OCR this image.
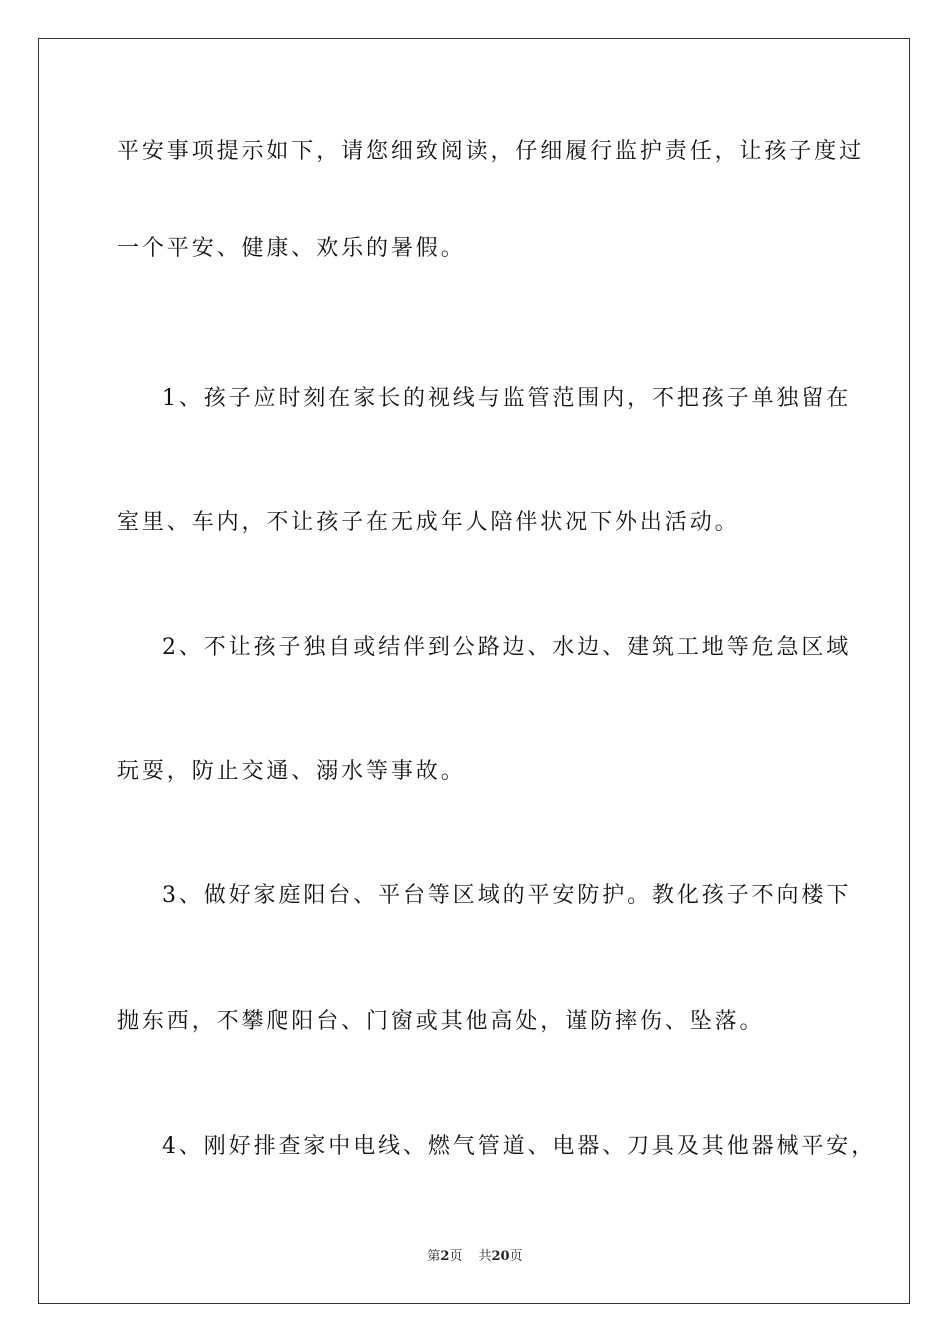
平安事项提示如下，请您细致阅读，仔细履行监护责任，让孩子度过
一个平安、健康、欢乐的暑假。
1、孩子应时刻在家长的视线与监管范围内，不把孩子单独留在
室里、车内，不让孩子在无成年人陪伴状况下外出活动。
2、不让孩子独自或结伴到公路边、水边、建筑工地等危急区域
玩耍，防止交通、溺水等事故。
3、做好家庭阳台、平台等区域的平安防护。教化孩子不向楼下
抛东西，不攀爬阳台、门窗或其他高处，谨防摔伤、坠落。
4、刚好排查家中电线、燃气管道、电器、刀具及其他器械平安，
第2页 共20页
